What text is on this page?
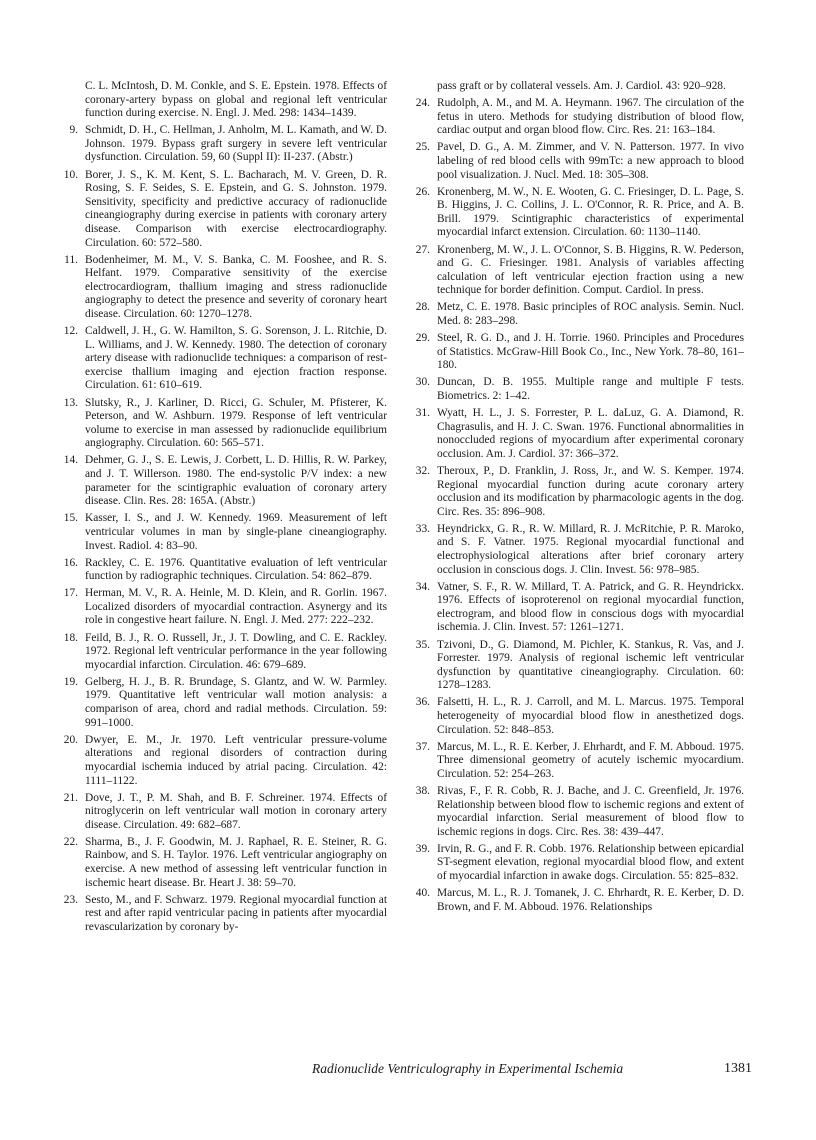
C. L. McIntosh, D. M. Conkle, and S. E. Epstein. 1978. Effects of coronary-artery bypass on global and regional left ventricular function during exercise. N. Engl. J. Med. 298: 1434–1439.
9. Schmidt, D. H., C. Hellman, J. Anholm, M. L. Kamath, and W. D. Johnson. 1979. Bypass graft surgery in severe left ventricular dysfunction. Circulation. 59, 60 (Suppl II): II-237. (Abstr.)
10. Borer, J. S., K. M. Kent, S. L. Bacharach, M. V. Green, D. R. Rosing, S. F. Seides, S. E. Epstein, and G. S. Johnston. 1979. Sensitivity, specificity and predictive accuracy of radionuclide cineangiography during exercise in patients with coronary artery disease. Comparison with exercise electrocardiography. Circulation. 60: 572–580.
11. Bodenheimer, M. M., V. S. Banka, C. M. Fooshee, and R. S. Helfant. 1979. Comparative sensitivity of the exercise electrocardiogram, thallium imaging and stress radionuclide angiography to detect the presence and severity of coronary heart disease. Circulation. 60: 1270–1278.
12. Caldwell, J. H., G. W. Hamilton, S. G. Sorenson, J. L. Ritchie, D. L. Williams, and J. W. Kennedy. 1980. The detection of coronary artery disease with radionuclide techniques: a comparison of rest-exercise thallium imaging and ejection fraction response. Circulation. 61: 610–619.
13. Slutsky, R., J. Karliner, D. Ricci, G. Schuler, M. Pfisterer, K. Peterson, and W. Ashburn. 1979. Response of left ventricular volume to exercise in man assessed by radionuclide equilibrium angiography. Circulation. 60: 565–571.
14. Dehmer, G. J., S. E. Lewis, J. Corbett, L. D. Hillis, R. W. Parkey, and J. T. Willerson. 1980. The end-systolic P/V index: a new parameter for the scintigraphic evaluation of coronary artery disease. Clin. Res. 28: 165A. (Abstr.)
15. Kasser, I. S., and J. W. Kennedy. 1969. Measurement of left ventricular volumes in man by single-plane cineangiography. Invest. Radiol. 4: 83–90.
16. Rackley, C. E. 1976. Quantitative evaluation of left ventricular function by radiographic techniques. Circulation. 54: 862–879.
17. Herman, M. V., R. A. Heinle, M. D. Klein, and R. Gorlin. 1967. Localized disorders of myocardial contraction. Asynergy and its role in congestive heart failure. N. Engl. J. Med. 277: 222–232.
18. Feild, B. J., R. O. Russell, Jr., J. T. Dowling, and C. E. Rackley. 1972. Regional left ventricular performance in the year following myocardial infarction. Circulation. 46: 679–689.
19. Gelberg, H. J., B. R. Brundage, S. Glantz, and W. W. Parmley. 1979. Quantitative left ventricular wall motion analysis: a comparison of area, chord and radial methods. Circulation. 59: 991–1000.
20. Dwyer, E. M., Jr. 1970. Left ventricular pressure-volume alterations and regional disorders of contraction during myocardial ischemia induced by atrial pacing. Circulation. 42: 1111–1122.
21. Dove, J. T., P. M. Shah, and B. F. Schreiner. 1974. Effects of nitroglycerin on left ventricular wall motion in coronary artery disease. Circulation. 49: 682–687.
22. Sharma, B., J. F. Goodwin, M. J. Raphael, R. E. Steiner, R. G. Rainbow, and S. H. Taylor. 1976. Left ventricular angiography on exercise. A new method of assessing left ventricular function in ischemic heart disease. Br. Heart J. 38: 59–70.
23. Sesto, M., and F. Schwarz. 1979. Regional myocardial function at rest and after rapid ventricular pacing in patients after myocardial revascularization by coronary by-
pass graft or by collateral vessels. Am. J. Cardiol. 43: 920–928.
24. Rudolph, A. M., and M. A. Heymann. 1967. The circulation of the fetus in utero. Methods for studying distribution of blood flow, cardiac output and organ blood flow. Circ. Res. 21: 163–184.
25. Pavel, D. G., A. M. Zimmer, and V. N. Patterson. 1977. In vivo labeling of red blood cells with 99mTc: a new approach to blood pool visualization. J. Nucl. Med. 18: 305–308.
26. Kronenberg, M. W., N. E. Wooten, G. C. Friesinger, D. L. Page, S. B. Higgins, J. C. Collins, J. L. O'Connor, R. R. Price, and A. B. Brill. 1979. Scintigraphic characteristics of experimental myocardial infarct extension. Circulation. 60: 1130–1140.
27. Kronenberg, M. W., J. L. O'Connor, S. B. Higgins, R. W. Pederson, and G. C. Friesinger. 1981. Analysis of variables affecting calculation of left ventricular ejection fraction using a new technique for border definition. Comput. Cardiol. In press.
28. Metz, C. E. 1978. Basic principles of ROC analysis. Semin. Nucl. Med. 8: 283–298.
29. Steel, R. G. D., and J. H. Torrie. 1960. Principles and Procedures of Statistics. McGraw-Hill Book Co., Inc., New York. 78–80, 161–180.
30. Duncan, D. B. 1955. Multiple range and multiple F tests. Biometrics. 2: 1–42.
31. Wyatt, H. L., J. S. Forrester, P. L. daLuz, G. A. Diamond, R. Chagrasulis, and H. J. C. Swan. 1976. Functional abnormalities in nonoccluded regions of myocardium after experimental coronary occlusion. Am. J. Cardiol. 37: 366–372.
32. Theroux, P., D. Franklin, J. Ross, Jr., and W. S. Kemper. 1974. Regional myocardial function during acute coronary artery occlusion and its modification by pharmacologic agents in the dog. Circ. Res. 35: 896–908.
33. Heyndrickx, G. R., R. W. Millard, R. J. McRitchie, P. R. Maroko, and S. F. Vatner. 1975. Regional myocardial functional and electrophysiological alterations after brief coronary artery occlusion in conscious dogs. J. Clin. Invest. 56: 978–985.
34. Vatner, S. F., R. W. Millard, T. A. Patrick, and G. R. Heyndrickx. 1976. Effects of isoproterenol on regional myocardial function, electrogram, and blood flow in conscious dogs with myocardial ischemia. J. Clin. Invest. 57: 1261–1271.
35. Tzivoni, D., G. Diamond, M. Pichler, K. Stankus, R. Vas, and J. Forrester. 1979. Analysis of regional ischemic left ventricular dysfunction by quantitative cineangiography. Circulation. 60: 1278–1283.
36. Falsetti, H. L., R. J. Carroll, and M. L. Marcus. 1975. Temporal heterogeneity of myocardial blood flow in anesthetized dogs. Circulation. 52: 848–853.
37. Marcus, M. L., R. E. Kerber, J. Ehrhardt, and F. M. Abboud. 1975. Three dimensional geometry of acutely ischemic myocardium. Circulation. 52: 254–263.
38. Rivas, F., F. R. Cobb, R. J. Bache, and J. C. Greenfield, Jr. 1976. Relationship between blood flow to ischemic regions and extent of myocardial infarction. Serial measurement of blood flow to ischemic regions in dogs. Circ. Res. 38: 439–447.
39. Irvin, R. G., and F. R. Cobb. 1976. Relationship between epicardial ST-segment elevation, regional myocardial blood flow, and extent of myocardial infarction in awake dogs. Circulation. 55: 825–832.
40. Marcus, M. L., R. J. Tomanek, J. C. Ehrhardt, R. E. Kerber, D. D. Brown, and F. M. Abboud. 1976. Relationships
Radionuclide Ventriculography in Experimental Ischemia	1381
